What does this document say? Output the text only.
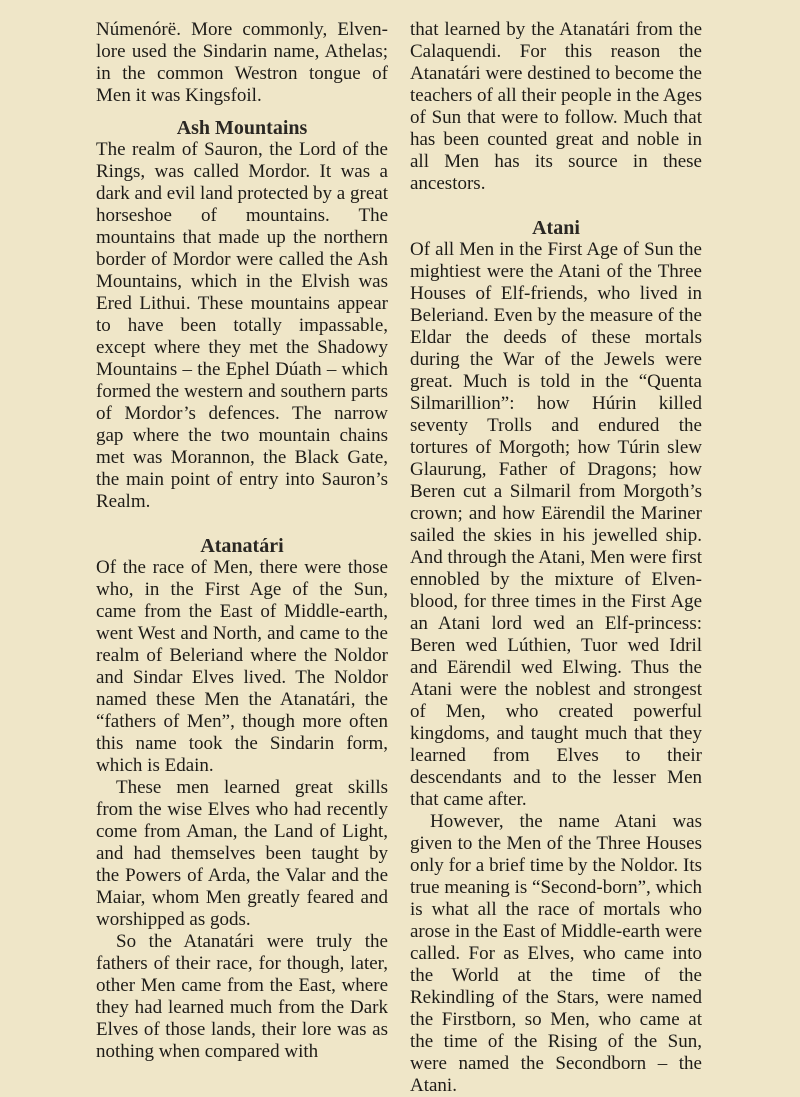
Númenórë. More commonly, Elven-lore used the Sindarin name, Athelas; in the common Westron tongue of Men it was Kingsfoil.

Ash Mountains

The realm of Sauron, the Lord of the Rings, was called Mordor. It was a dark and evil land protected by a great horseshoe of mountains. The mountains that made up the northern border of Mordor were called the Ash Mountains, which in the Elvish was Ered Lithui. These mountains appear to have been totally impassable, except where they met the Shadowy Mountains – the Ephel Dúath – which formed the western and southern parts of Mordor’s defences. The narrow gap where the two mountain chains met was Morannon, the Black Gate, the main point of entry into Sauron’s Realm.

Atanatári

Of the race of Men, there were those who, in the First Age of the Sun, came from the East of Middle-earth, went West and North, and came to the realm of Beleriand where the Noldor and Sindar Elves lived. The Noldor named these Men the Atanatári, the “fathers of Men”, though more often this name took the Sindarin form, which is Edain.

These men learned great skills from the wise Elves who had recently come from Aman, the Land of Light, and had themselves been taught by the Powers of Arda, the Valar and the Maiar, whom Men greatly feared and worshipped as gods.

So the Atanatári were truly the fathers of their race, for though, later, other Men came from the East, where they had learned much from the Dark Elves of those lands, their lore was as nothing when compared with

that learned by the Atanatári from the Calaquendi. For this reason the Atanatári were destined to become the teachers of all their people in the Ages of Sun that were to follow. Much that has been counted great and noble in all Men has its source in these ancestors.

Atani

Of all Men in the First Age of Sun the mightiest were the Atani of the Three Houses of Elf-friends, who lived in Beleriand. Even by the measure of the Eldar the deeds of these mortals during the War of the Jewels were great. Much is told in the “Quenta Silmarillion”: how Húrin killed seventy Trolls and endured the tortures of Morgoth; how Túrin slew Glaurung, Father of Dragons; how Beren cut a Silmaril from Morgoth’s crown; and how Eärendil the Mariner sailed the skies in his jewelled ship. And through the Atani, Men were first ennobled by the mixture of Elven-blood, for three times in the First Age an Atani lord wed an Elf-princess: Beren wed Lúthien, Tuor wed Idril and Eärendil wed Elwing. Thus the Atani were the noblest and strongest of Men, who created powerful kingdoms, and taught much that they learned from Elves to their descendants and to the lesser Men that came after.

However, the name Atani was given to the Men of the Three Houses only for a brief time by the Noldor. Its true meaning is “Second-born”, which is what all the race of mortals who arose in the East of Middle-earth were called. For as Elves, who came into the World at the time of the Rekindling of the Stars, were named the Firstborn, so Men, who came at the time of the Rising of the Sun, were named the Secondborn – the Atani.
